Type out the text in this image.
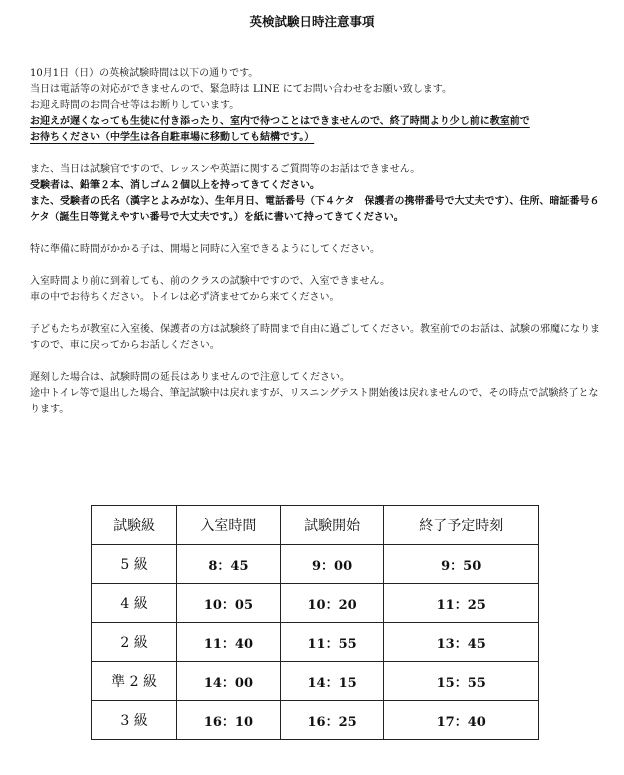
英検試験日時注意事項

10月1日（日）の英検試験時間は以下の通りです。
当日は電話等の対応ができませんので、緊急時は LINE にてお問い合わせをお願い致します。
お迎え時間のお問合せ等はお断りしています。
お迎えが遅くなっても生徒に付き添ったり、室内で待つことはできませんので、終了時間より少し前に教室前で
お待ちください（中学生は各自駐車場に移動しても結構です。）

また、当日は試験官ですので、レッスンや英語に関するご質問等のお話はできません。
受験者は、鉛筆２本、消しゴム２個以上を持ってきてください。
また、受験者の氏名（漢字とよみがな）、生年月日、電話番号（下４ケタ　保護者の携帯番号で大丈夫です）、住所、暗証番号６ケタ（誕生日等覚えやすい番号で大丈夫です。）を紙に書いて持ってきてください。

特に準備に時間がかかる子は、開場と同時に入室できるようにしてください。

入室時間より前に到着しても、前のクラスの試験中ですので、入室できません。
車の中でお待ちください。トイレは必ず済ませてから来てください。

子どもたちが教室に入室後、保護者の方は試験終了時間まで自由に過ごしてください。教室前でのお話は、試験の邪魔になりますので、車に戻ってからお話しください。

遅刻した場合は、試験時間の延長はありませんので注意してください。
途中トイレ等で退出した場合、筆記試験中は戻れますが、リスニングテスト開始後は戻れませんので、その時点で試験終了となります。

試験級	入室時間	試験開始	終了予定時刻
5 級	8：45	9：00	9：50
4 級	10：05	10：20	11：25
2 級	11：40	11：55	13：45
準 2 級	14：00	14：15	15：55
3 級	16：10	16：25	17：40
